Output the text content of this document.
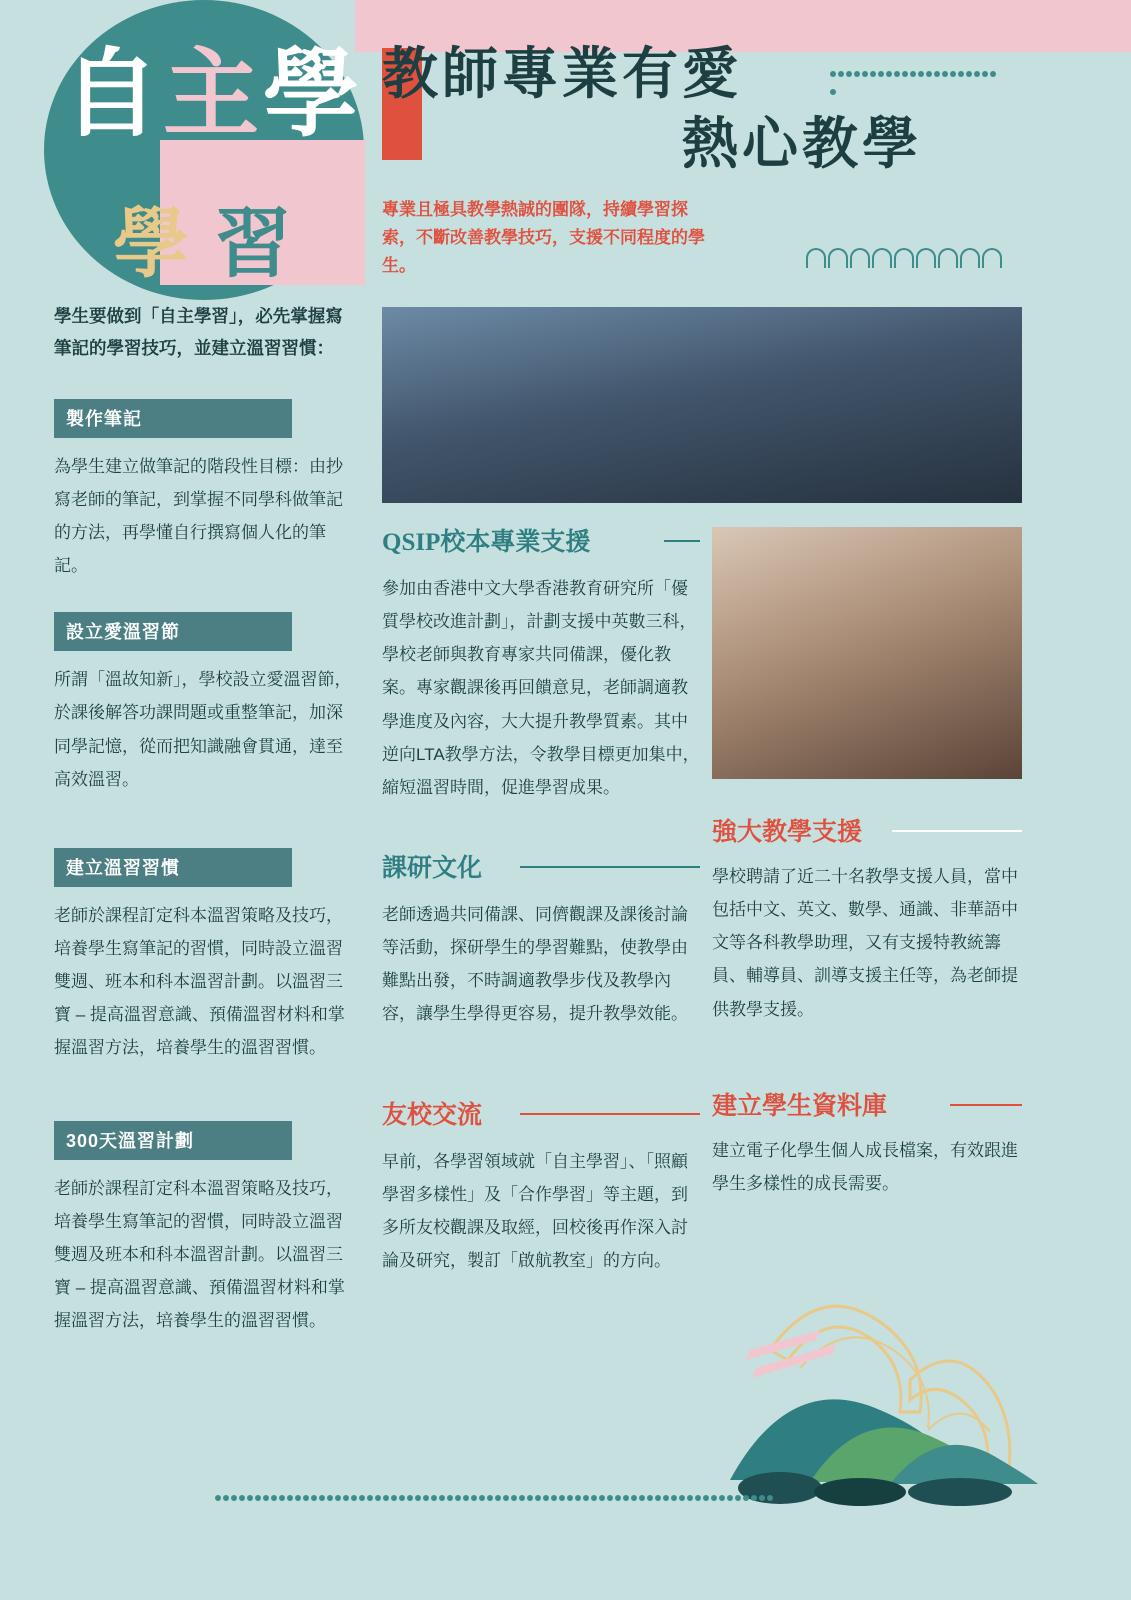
自 主 學
學 習
教師專業有愛
熱心教學
專業且極具教學熱誠的團隊，持續學習探索，不斷改善教學技巧，支援不同程度的學生。
學生要做到「自主學習」，必先掌握寫筆記的學習技巧，並建立溫習習慣：
製作筆記
為學生建立做筆記的階段性目標：由抄寫老師的筆記，到掌握不同學科做筆記的方法，再學懂自行撰寫個人化的筆記。
設立愛溫習節
所謂「溫故知新」，學校設立愛溫習節，於課後解答功課問題或重整筆記，加深同學記憶，從而把知識融會貫通，達至高效溫習。
建立溫習習慣
老師於課程訂定科本溫習策略及技巧，培養學生寫筆記的習慣，同時設立溫習雙週、班本和科本溫習計劃。以溫習三寶 – 提高溫習意識、預備溫習材料和掌握溫習方法，培養學生的溫習習慣。
300天溫習計劃
老師於課程訂定科本溫習策略及技巧，培養學生寫筆記的習慣，同時設立溫習雙週及班本和科本溫習計劃。以溫習三寶 – 提高溫習意識、預備溫習材料和掌握溫習方法，培養學生的溫習習慣。
QSIP校本專業支援
參加由香港中文大學香港教育研究所「優質學校改進計劃」，計劃支援中英數三科，學校老師與教育專家共同備課，優化教案。專家觀課後再回饋意見，老師調適教學進度及內容，大大提升教學質素。其中逆向LTA教學方法，令教學目標更加集中，縮短溫習時間，促進學習成果。
課研文化
老師透過共同備課、同儕觀課及課後討論等活動，探研學生的學習難點，使教學由難點出發，不時調適教學步伐及教學內容，讓學生學得更容易，提升教學效能。
友校交流
早前，各學習領域就「自主學習」、「照顧學習多樣性」及「合作學習」等主題，到多所友校觀課及取經，回校後再作深入討論及研究，製訂「啟航教室」的方向。
強大教學支援
學校聘請了近二十名教學支援人員，當中包括中文、英文、數學、通識、非華語中文等各科教學助理，又有支援特教統籌員、輔導員、訓導支援主任等，為老師提供教學支援。
建立學生資料庫
建立電子化學生個人成長檔案，有效跟進學生多樣性的成長需要。
